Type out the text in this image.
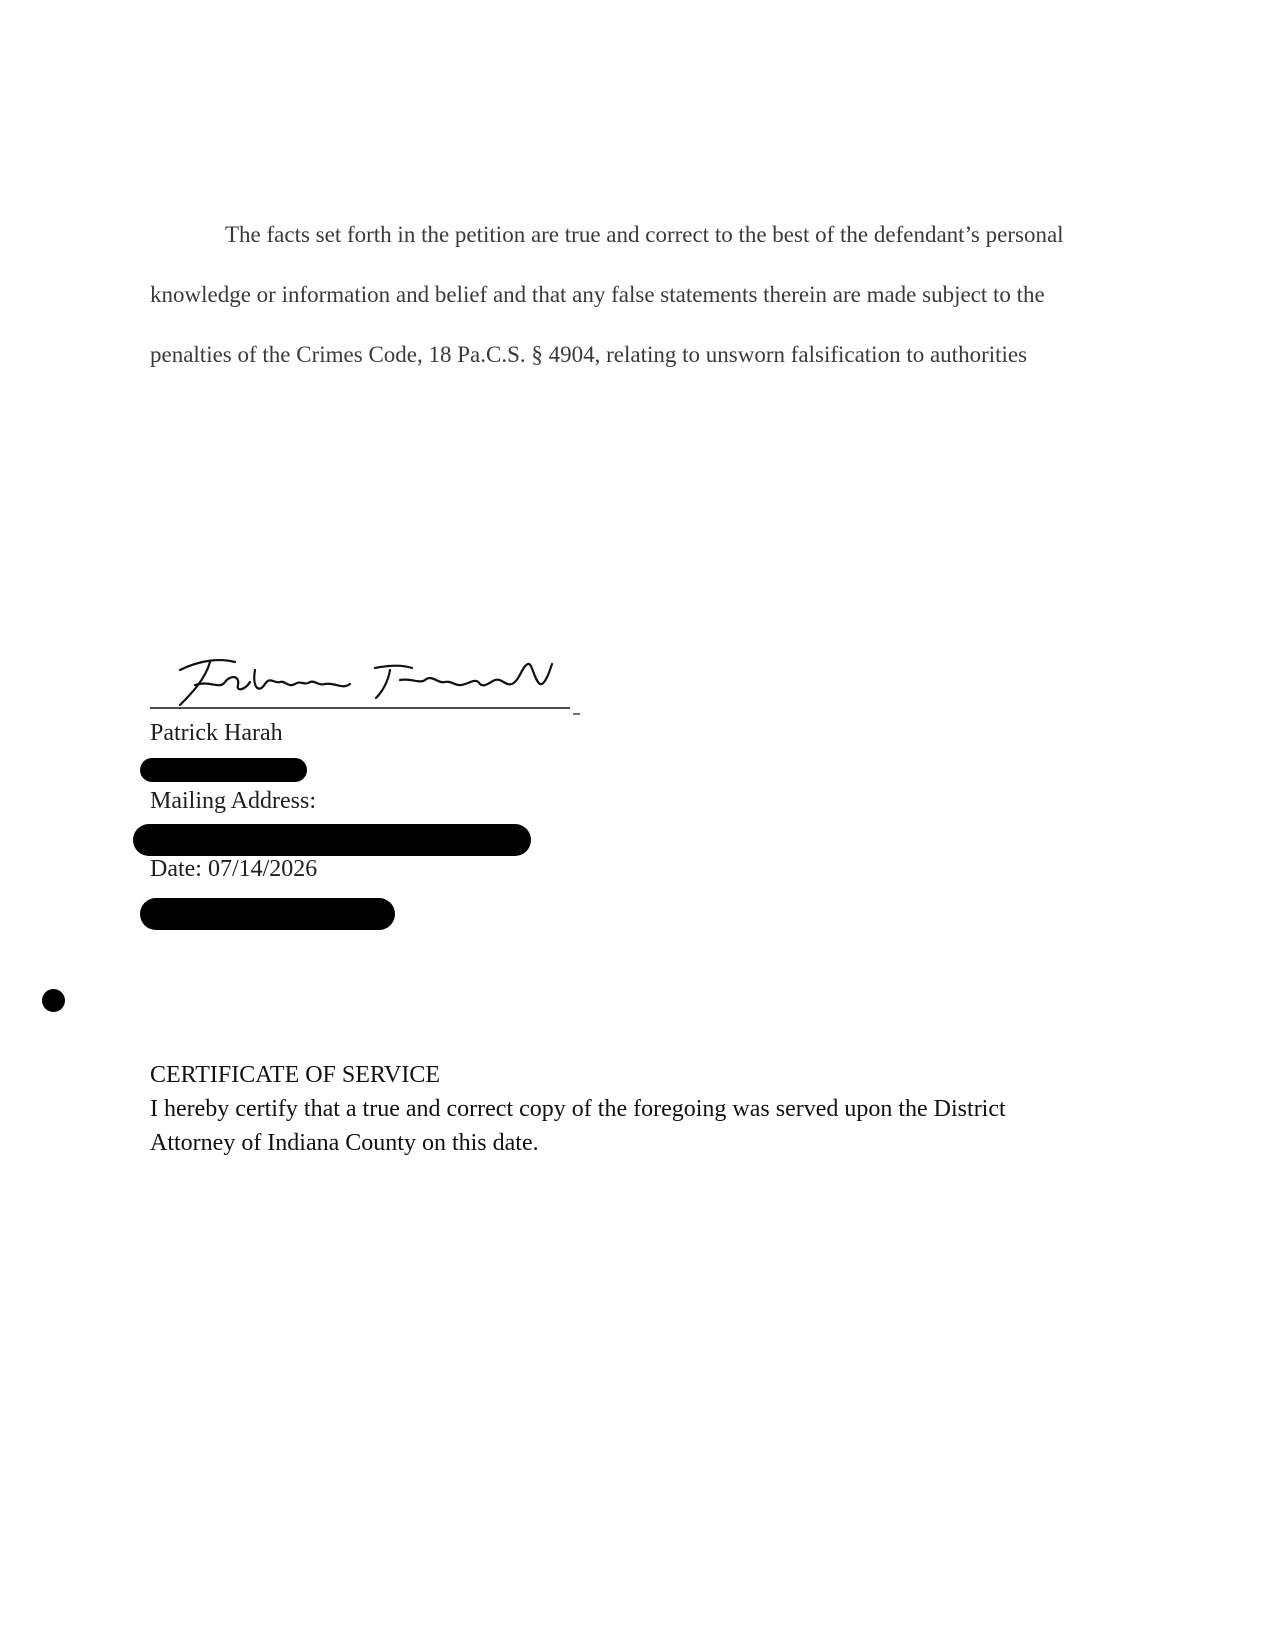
The facts set forth in the petition are true and correct to the best of the defendant’s personal knowledge or information and belief and that any false statements therein are made subject to the penalties of the Crimes Code, 18 Pa.C.S. § 4904, relating to unsworn falsification to authorities

Patrick Harah
Mailing Address:
Date: 07/14/2026
CERTIFICATE OF SERVICE
I hereby certify that a true and correct copy of the foregoing was served upon the District Attorney of Indiana County on this date.
